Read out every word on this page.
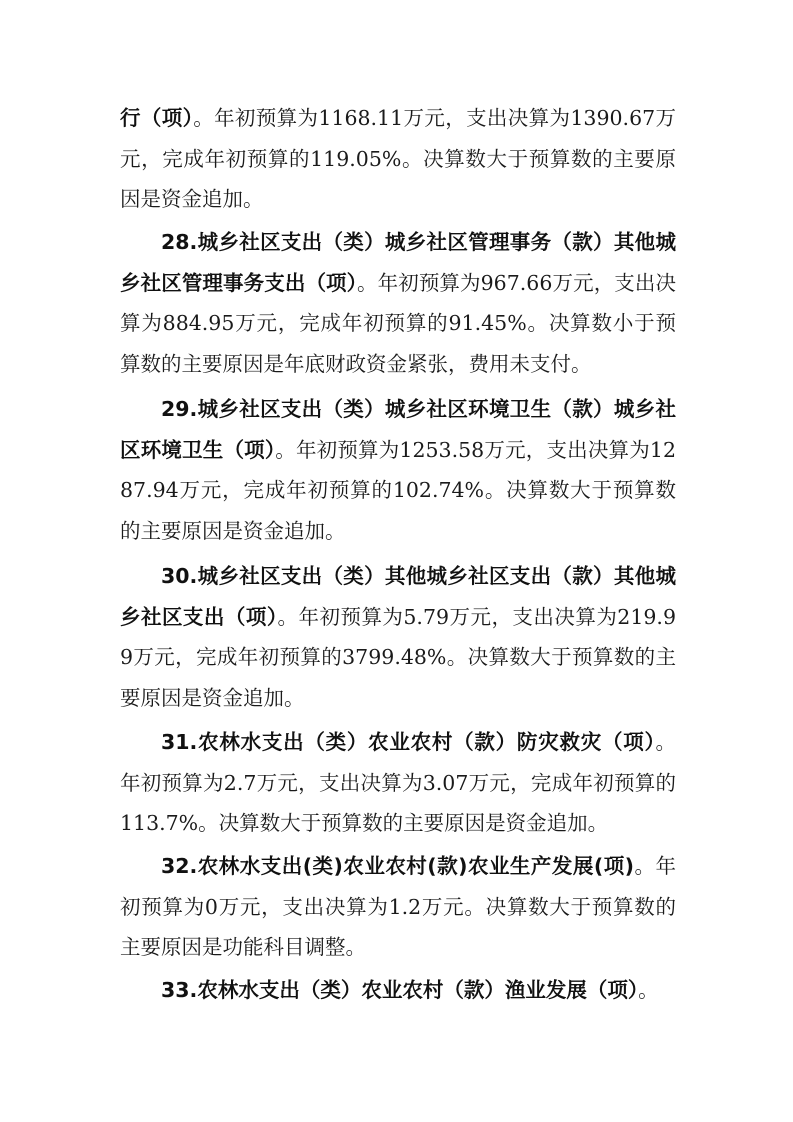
行（项）。年初预算为1168.11万元，支出决算为1390.67万元，完成年初预算的119.05%。决算数大于预算数的主要原因是资金追加。

28.城乡社区支出（类）城乡社区管理事务（款）其他城乡社区管理事务支出（项）。年初预算为967.66万元，支出决算为884.95万元，完成年初预算的91.45%。决算数小于预算数的主要原因是年底财政资金紧张，费用未支付。

29.城乡社区支出（类）城乡社区环境卫生（款）城乡社区环境卫生（项）。年初预算为1253.58万元，支出决算为1287.94万元，完成年初预算的102.74%。决算数大于预算数的主要原因是资金追加。

30.城乡社区支出（类）其他城乡社区支出（款）其他城乡社区支出（项）。年初预算为5.79万元，支出决算为219.99万元，完成年初预算的3799.48%。决算数大于预算数的主要原因是资金追加。

31.农林水支出（类）农业农村（款）防灾救灾（项）。年初预算为2.7万元，支出决算为3.07万元，完成年初预算的113.7%。决算数大于预算数的主要原因是资金追加。

32.农林水支出(类)农业农村(款)农业生产发展(项)。年初预算为0万元，支出决算为1.2万元。决算数大于预算数的主要原因是功能科目调整。

33.农林水支出（类）农业农村（款）渔业发展（项）。
